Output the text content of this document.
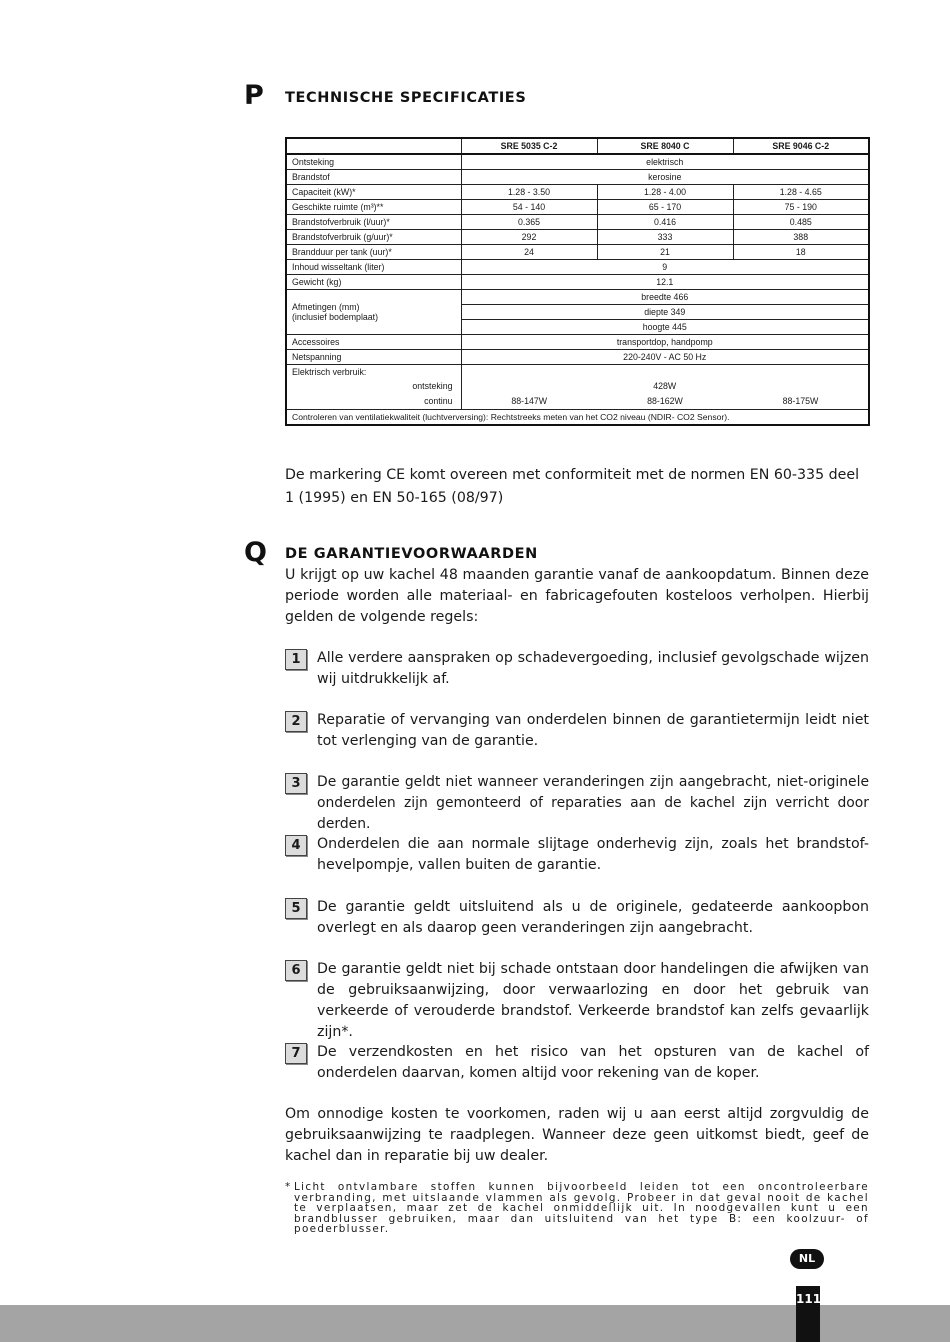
P TECHNISCHE SPECIFICATIES
	SRE 5035 C-2	SRE 8040 C	SRE 9046 C-2
Ontsteking	elektrisch		
Brandstof	kerosine		
Capaciteit (kW)*	1.28 - 3.50	1.28 - 4.00	1.28 - 4.65
Geschikte ruimte (m³)**	54 - 140	65 - 170	75 - 190
Brandstofverbruik (l/uur)*	0.365	0.416	0.485
Brandstofverbruik (g/uur)*	292	333	388
Brandduur per tank (uur)*	24	21	18
Inhoud wisseltank (liter)	9		
Gewicht (kg)	12.1		
Afmetingen (mm)
(inclusief bodemplaat)	breedte 466		
	diepte 349		
	hoogte 445		
Accessoires	transportdop, handpomp		
Netspanning	220-240V - AC 50 Hz		
Elektrisch verbruik:			
ontsteking	428W		
continu	88-147W	88-162W	88-175W
Controleren van ventilatiekwaliteit (luchtverversing): Rechtstreeks meten van het CO2 niveau (NDIR- CO2 Sensor).			
De markering CE komt overeen met conformiteit met de normen EN 60-335 deel
1 (1995) en EN 50-165 (08/97)
Q DE GARANTIEVOORWAARDEN
U krijgt op uw kachel 48 maanden garantie vanaf de aankoopdatum. Binnen deze periode worden alle materiaal- en fabricagefouten kosteloos verholpen. Hierbij gelden de volgende regels:
1	Alle verdere aanspraken op schadevergoeding, inclusief gevolgschade wijzen wij uitdrukkelijk af.
2	Reparatie of vervanging van onderdelen binnen de garantietermijn leidt niet tot verlenging van de garantie.
3	De garantie geldt niet wanneer veranderingen zijn aangebracht, niet-originele onderdelen zijn gemonteerd of reparaties aan de kachel zijn verricht door derden.
4	Onderdelen die aan normale slijtage onderhevig zijn, zoals het brandstof-hevelpompje, vallen buiten de garantie.
5	De garantie geldt uitsluitend als u de originele, gedateerde aankoopbon overlegt en als daarop geen veranderingen zijn aangebracht.
6	De garantie geldt niet bij schade ontstaan door handelingen die afwijken van de gebruiksaanwijzing, door verwaarlozing en door het gebruik van verkeerde of verouderde brandstof. Verkeerde brandstof kan zelfs gevaarlijk zijn*.
7	De verzendkosten en het risico van het opsturen van de kachel of onderdelen daarvan, komen altijd voor rekening van de koper.
Om onnodige kosten te voorkomen, raden wij u aan eerst altijd zorgvuldig de gebruiksaanwijzing te raadplegen. Wanneer deze geen uitkomst biedt, geef de kachel dan in reparatie bij uw dealer.
* Licht ontvlambare stoffen kunnen bijvoorbeeld leiden tot een oncontroleerbare verbranding, met uitslaande vlammen als gevolg. Probeer in dat geval nooit de kachel te verplaatsen, maar zet de kachel onmiddellijk uit. In noodgevallen kunt u een brandblusser gebruiken, maar dan uitsluitend van het type B: een koolzuur- of poederblusser.
NL
111
